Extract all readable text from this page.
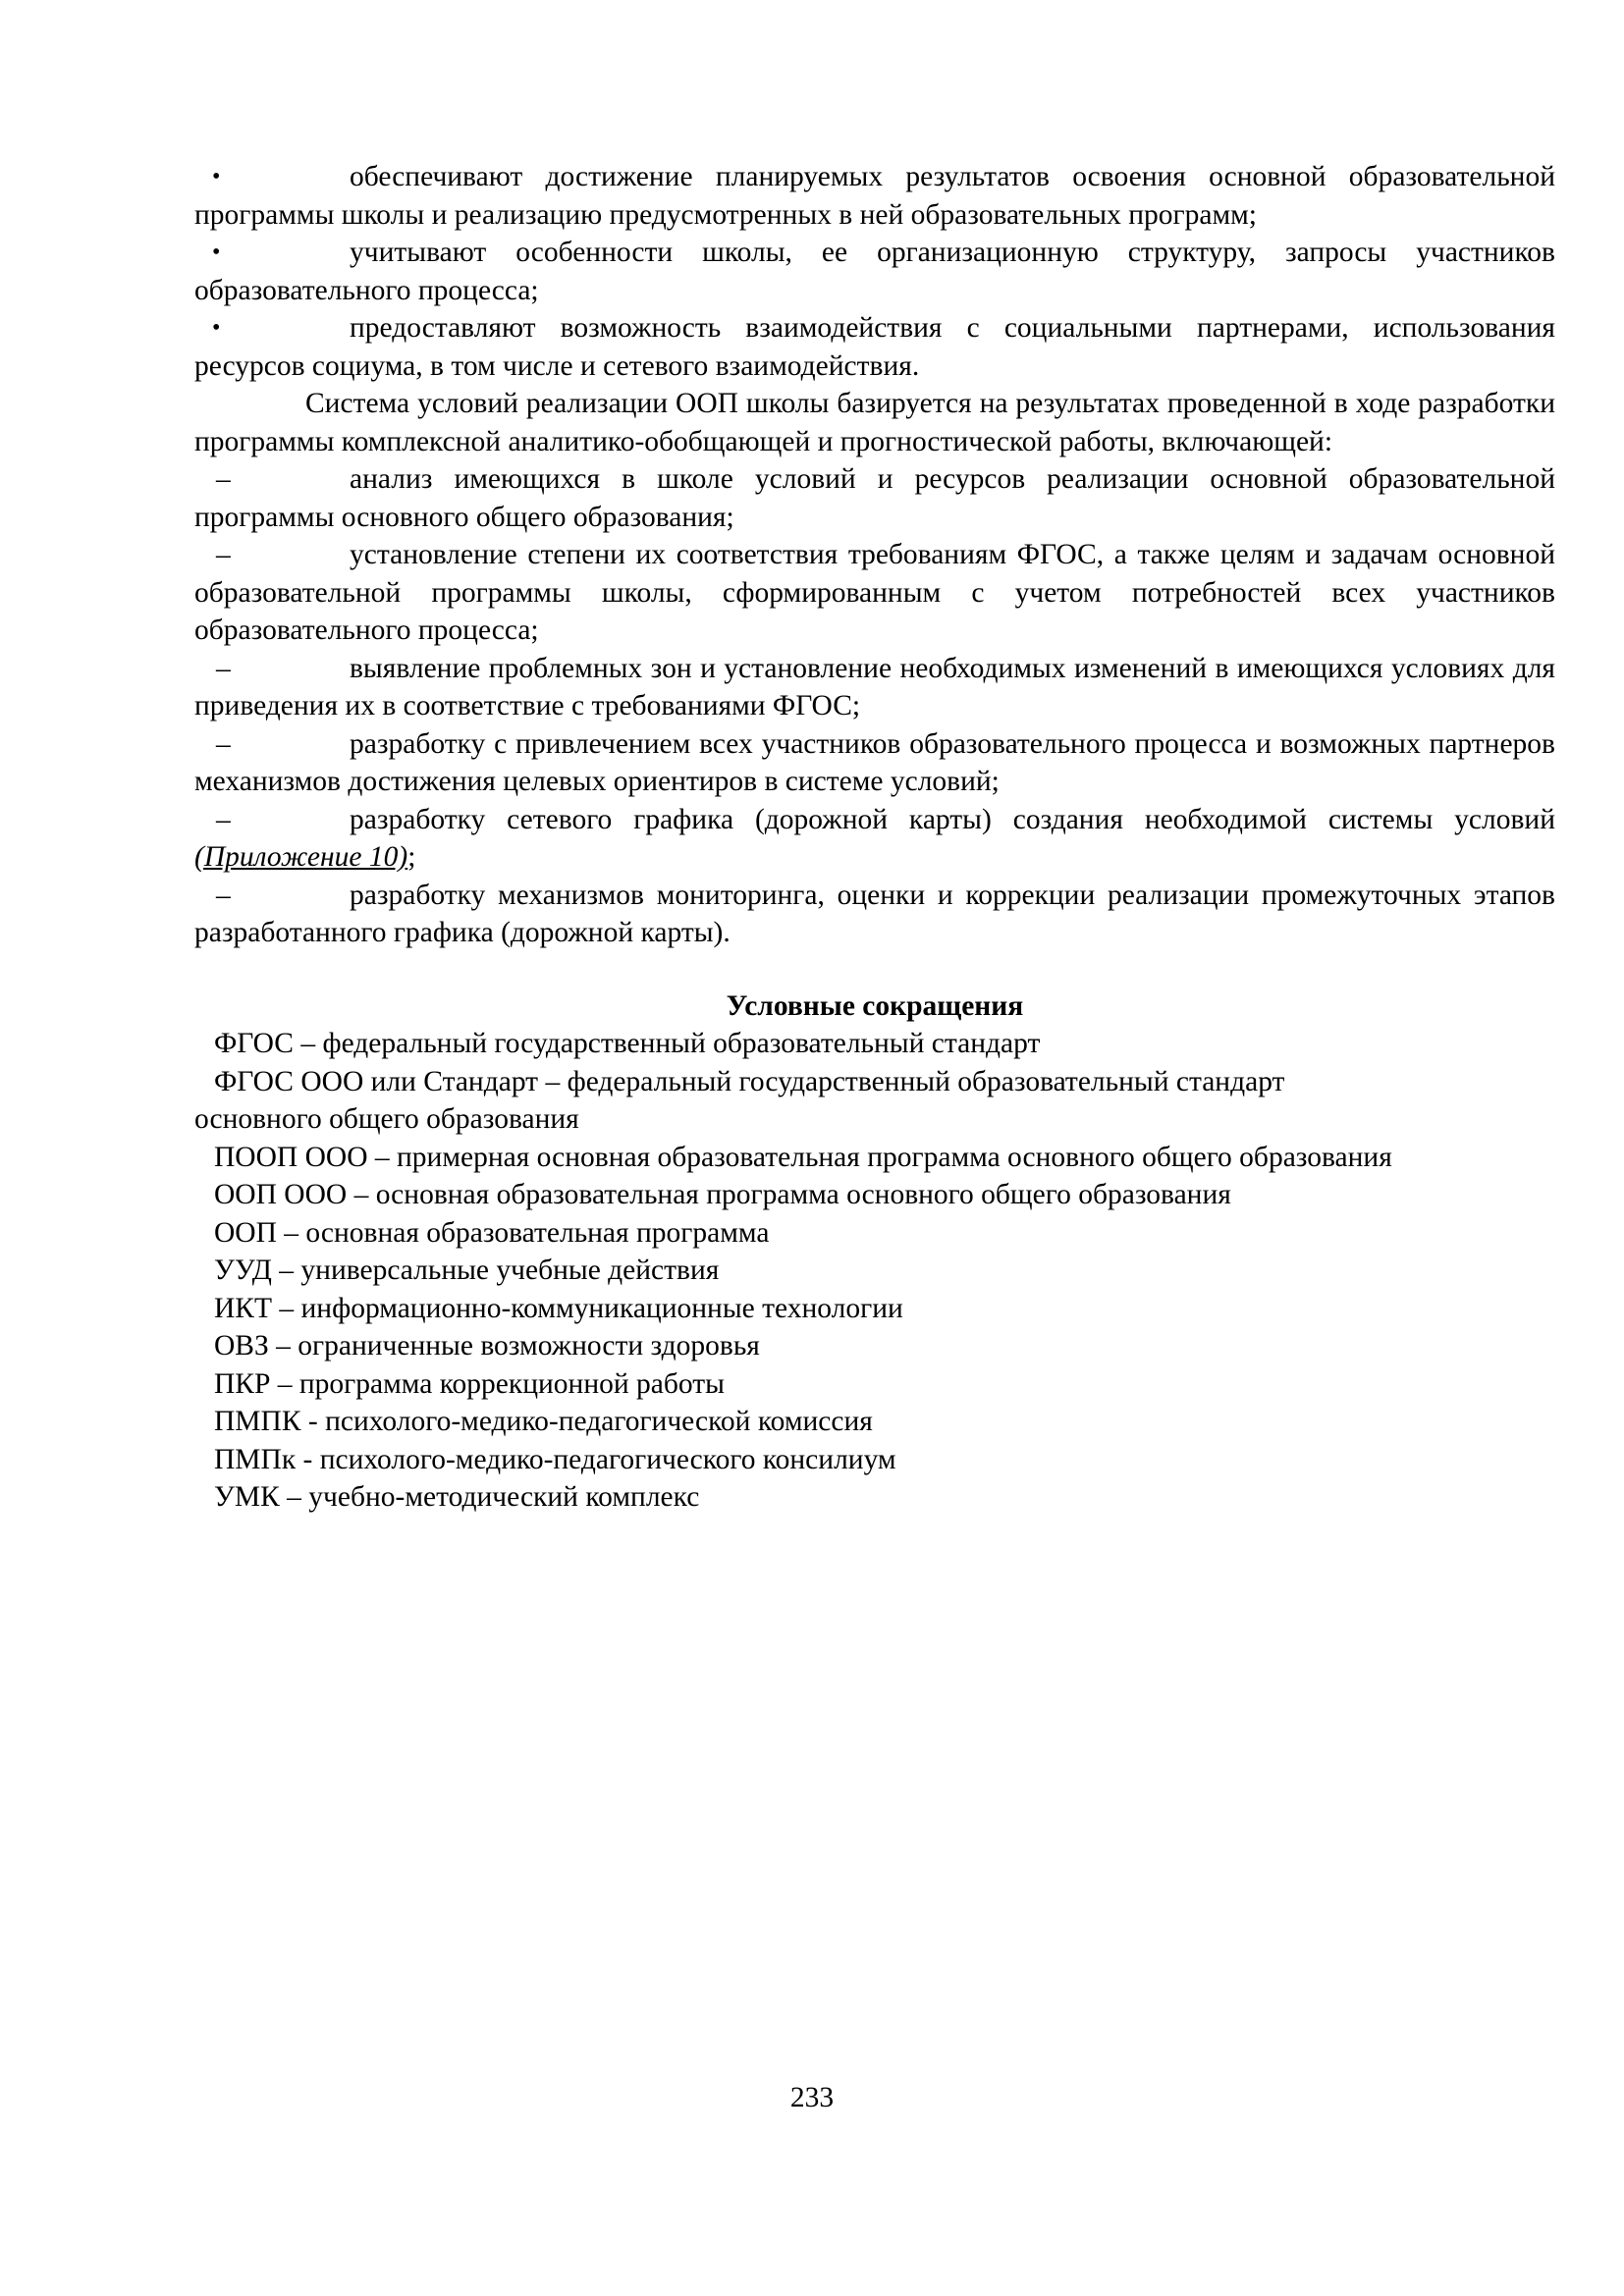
•	обеспечивают достижение планируемых результатов освоения основной образовательной программы школы и реализацию предусмотренных в ней образовательных программ;

•	учитывают особенности школы, ее организационную структуру, запросы участников образовательного процесса;

•	предоставляют возможность взаимодействия с социальными партнерами, использования ресурсов социума, в том числе и сетевого взаимодействия.

Система условий реализации ООП школы базируется на результатах проведенной в ходе разработки программы комплексной аналитико-обобщающей и прогностической работы, включающей:

–	анализ имеющихся в школе условий и ресурсов реализации основной образовательной программы основного общего образования;

–	установление степени их соответствия требованиям ФГОС, а также целям и задачам основной образовательной программы школы, сформированным с учетом потребностей всех участников образовательного процесса;

–	выявление проблемных зон и установление необходимых изменений в имеющихся условиях для приведения их в соответствие с требованиями ФГОС;

–	разработку с привлечением всех участников образовательного процесса и возможных партнеров механизмов достижения целевых ориентиров в системе условий;

–	разработку сетевого графика (дорожной карты) создания необходимой системы условий (Приложение 10);

–	разработку механизмов мониторинга, оценки и коррекции реализации промежуточных этапов разработанного графика (дорожной карты).

Условные сокращения

ФГОС – федеральный государственный образовательный стандарт

ФГОС ООО или Стандарт – федеральный государственный образовательный стандарт
основного общего образования

ПООП ООО – примерная основная образовательная программа основного общего образования

ООП ООО – основная образовательная программа основного общего образования

ООП – основная образовательная программа

УУД – универсальные учебные действия

ИКТ – информационно-коммуникационные технологии

ОВЗ – ограниченные возможности здоровья

ПКР – программа коррекционной работы

ПМПК - психолого-медико-педагогической комиссия

ПМПк - психолого-медико-педагогического консилиум

УМК – учебно-методический комплекс

233
